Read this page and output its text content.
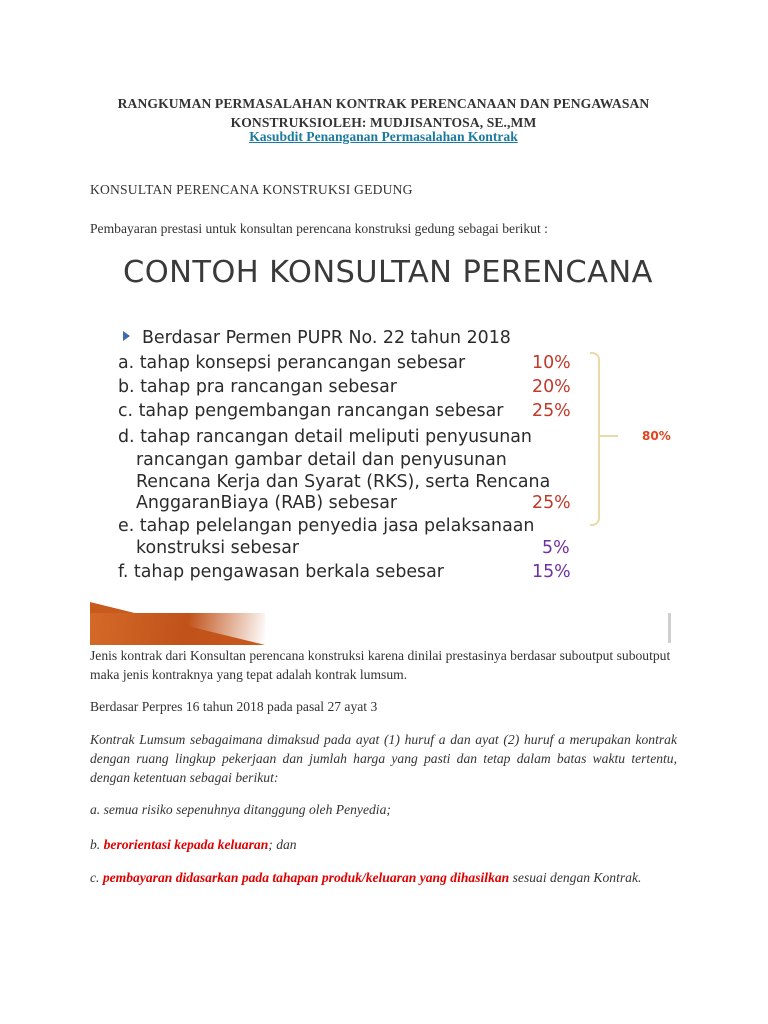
RANGKUMAN PERMASALAHAN KONTRAK PERENCANAAN DAN PENGAWASAN
KONSTRUKSIOLEH: MUDJISANTOSA, SE.,MM
Kasubdit Penanganan Permasalahan Kontrak
KONSULTAN PERENCANA KONSTRUKSI GEDUNG
Pembayaran prestasi untuk konsultan perencana konstruksi gedung sebagai berikut :
CONTOH KONSULTAN PERENCANA
Berdasar Permen PUPR No. 22 tahun 2018
a. tahap konsepsi perancangan sebesar	10%
b. tahap pra rancangan sebesar	20%
c. tahap pengembangan rancangan sebesar 25%
d. tahap rancangan detail meliputi penyusunan
rancangan gambar detail dan penyusunan
Rencana Kerja dan Syarat (RKS), serta Rencana
AnggaranBiaya (RAB) sebesar	25%
e. tahap pelelangan penyedia jasa pelaksanaan
konstruksi sebesar	5%
f. tahap pengawasan berkala sebesar	15%
80%
Jenis kontrak dari Konsultan perencana konstruksi karena dinilai prestasinya berdasar suboutput suboutput maka jenis kontraknya yang tepat adalah kontrak lumsum.
Berdasar Perpres 16 tahun 2018 pada pasal 27 ayat 3
Kontrak Lumsum sebagaimana dimaksud pada ayat (1) huruf a dan ayat (2) huruf a merupakan kontrak dengan ruang lingkup pekerjaan dan jumlah harga yang pasti dan tetap dalam batas waktu tertentu, dengan ketentuan sebagai berikut:
a. semua risiko sepenuhnya ditanggung oleh Penyedia;
b. berorientasi kepada keluaran; dan
c. pembayaran didasarkan pada tahapan produk/keluaran yang dihasilkan sesuai dengan Kontrak.
